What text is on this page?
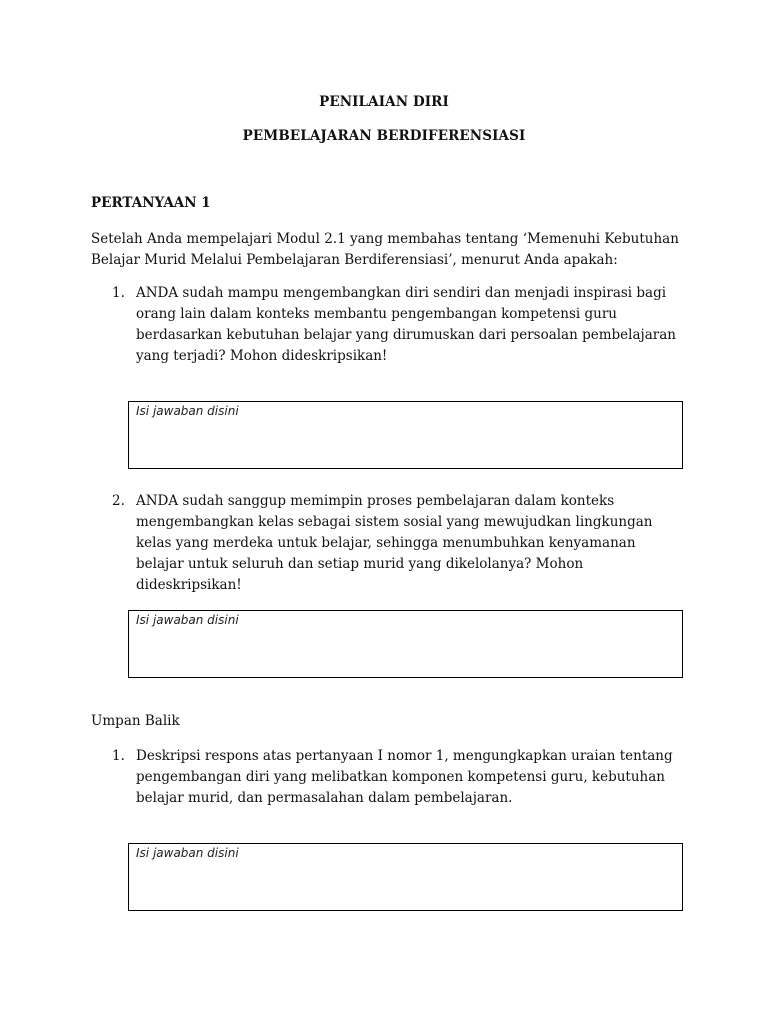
PENILAIAN DIRI
PEMBELAJARAN BERDIFERENSIASI
PERTANYAAN 1
Setelah Anda mempelajari Modul 2.1 yang membahas tentang ‘Memenuhi Kebutuhan Belajar Murid Melalui Pembelajaran Berdiferensiasi’, menurut Anda apakah:
1. ANDA sudah mampu mengembangkan diri sendiri dan menjadi inspirasi bagi orang lain dalam konteks membantu pengembangan kompetensi guru berdasarkan kebutuhan belajar yang dirumuskan dari persoalan pembelajaran yang terjadi? Mohon dideskripsikan!
Isi jawaban disini
2. ANDA sudah sanggup memimpin proses pembelajaran dalam konteks mengembangkan kelas sebagai sistem sosial yang mewujudkan lingkungan kelas yang merdeka untuk belajar, sehingga menumbuhkan kenyamanan belajar untuk seluruh dan setiap murid yang dikelolanya? Mohon dideskripsikan!
Isi jawaban disini
Umpan Balik
1. Deskripsi respons atas pertanyaan I nomor 1, mengungkapkan uraian tentang pengembangan diri yang melibatkan komponen kompetensi guru, kebutuhan belajar murid, dan permasalahan dalam pembelajaran.
Isi jawaban disini
